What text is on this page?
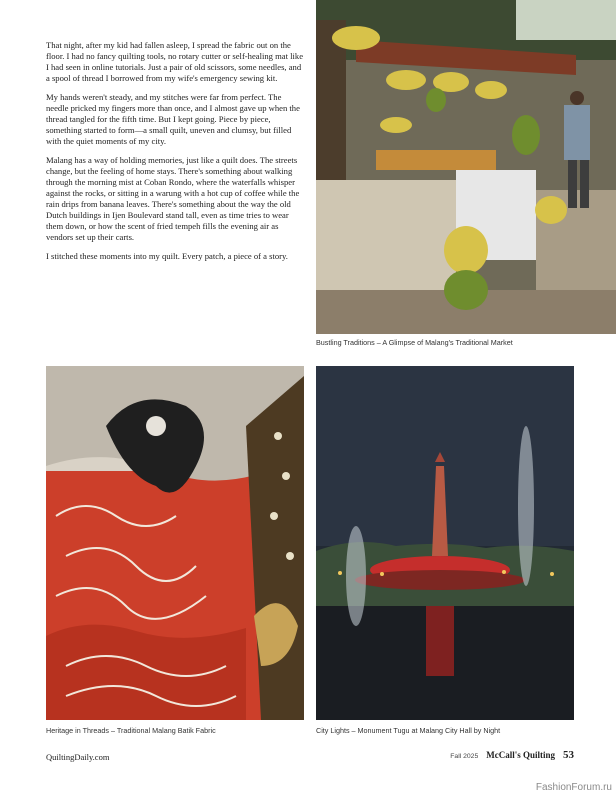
That night, after my kid had fallen asleep, I spread the fabric out on the floor. I had no fancy quilting tools, no rotary cutter or self-healing mat like I had seen in online tutorials. Just a pair of old scissors, some needles, and a spool of thread I borrowed from my wife's emergency sewing kit.

My hands weren't steady, and my stitches were far from perfect. The needle pricked my fingers more than once, and I almost gave up when the thread tangled for the fifth time. But I kept going. Piece by piece, something started to form—a small quilt, uneven and clumsy, but filled with the quiet moments of my city.

Malang has a way of holding memories, just like a quilt does. The streets change, but the feeling of home stays. There's something about walking through the morning mist at Coban Rondo, where the waterfalls whisper against the rocks, or sitting in a warung with a hot cup of coffee while the rain drips from banana leaves. There's something about the way the old Dutch buildings in Ijen Boulevard stand tall, even as time tries to wear them down, or how the scent of fried tempeh fills the evening air as vendors set up their carts.

I stitched these moments into my quilt. Every patch, a piece of a story.

Bustling Traditions – A Glimpse of Malang's Traditional Market
Heritage in Threads – Traditional Malang Batik Fabric	City Lights – Monument Tugu at Malang City Hall by Night
QuiltingDaily.com	Fall 2025 McCall's Quilting 53
FashionForum.ru
